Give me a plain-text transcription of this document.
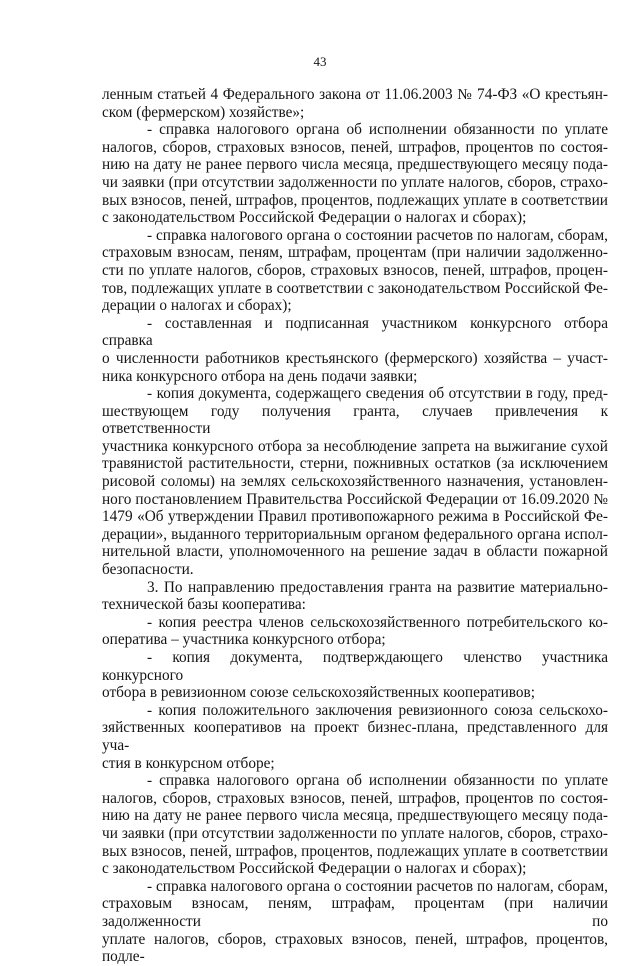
43
ленным статьей 4 Федерального закона от 11.06.2003 № 74-ФЗ «О крестьян-
ском (фермерском) хозяйстве»;
- справка налогового органа об исполнении обязанности по уплате
налогов, сборов, страховых взносов, пеней, штрафов, процентов по состоя-
нию на дату не ранее первого числа месяца, предшествующего месяцу пода-
чи заявки (при отсутствии задолженности по уплате налогов, сборов, страхо-
вых взносов, пеней, штрафов, процентов, подлежащих уплате в соответствии
с законодательством Российской Федерации о налогах и сборах);
- справка налогового органа о состоянии расчетов по налогам, сборам,
страховым взносам, пеням, штрафам, процентам (при наличии задолженно-
сти по уплате налогов, сборов, страховых взносов, пеней, штрафов, процен-
тов, подлежащих уплате в соответствии с законодательством Российской Фе-
дерации о налогах и сборах);
- составленная и подписанная участником конкурсного отбора справка
о численности работников крестьянского (фермерского) хозяйства – участ-
ника конкурсного отбора на день подачи заявки;
- копия документа, содержащего сведения об отсутствии в году, пред-
шествующем году получения гранта, случаев привлечения к ответственности
участника конкурсного отбора за несоблюдение запрета на выжигание сухой
травянистой растительности, стерни, пожнивных остатков (за исключением
рисовой соломы) на землях сельскохозяйственного назначения, установлен-
ного постановлением Правительства Российской Федерации от 16.09.2020 №
1479 «Об утверждении Правил противопожарного режима в Российской Фе-
дерации», выданного территориальным органом федерального органа испол-
нительной власти, уполномоченного на решение задач в области пожарной
безопасности.
3. По направлению предоставления гранта на развитие материально-
технической базы кооператива:
- копия реестра членов сельскохозяйственного потребительского ко-
оператива – участника конкурсного отбора;
- копия документа, подтверждающего членство участника конкурсного
отбора в ревизионном союзе сельскохозяйственных кооперативов;
- копия положительного заключения ревизионного союза сельскохо-
зяйственных кооперативов на проект бизнес-плана, представленного для уча-
стия в конкурсном отборе;
- справка налогового органа об исполнении обязанности по уплате
налогов, сборов, страховых взносов, пеней, штрафов, процентов по состоя-
нию на дату не ранее первого числа месяца, предшествующего месяцу пода-
чи заявки (при отсутствии задолженности по уплате налогов, сборов, страхо-
вых взносов, пеней, штрафов, процентов, подлежащих уплате в соответствии
с законодательством Российской Федерации о налогах и сборах);
- справка налогового органа о состоянии расчетов по налогам, сборам,
страховым взносам, пеням, штрафам, процентам (при наличии задолженности по
уплате налогов, сборов, страховых взносов, пеней, штрафов, процентов, подле-
